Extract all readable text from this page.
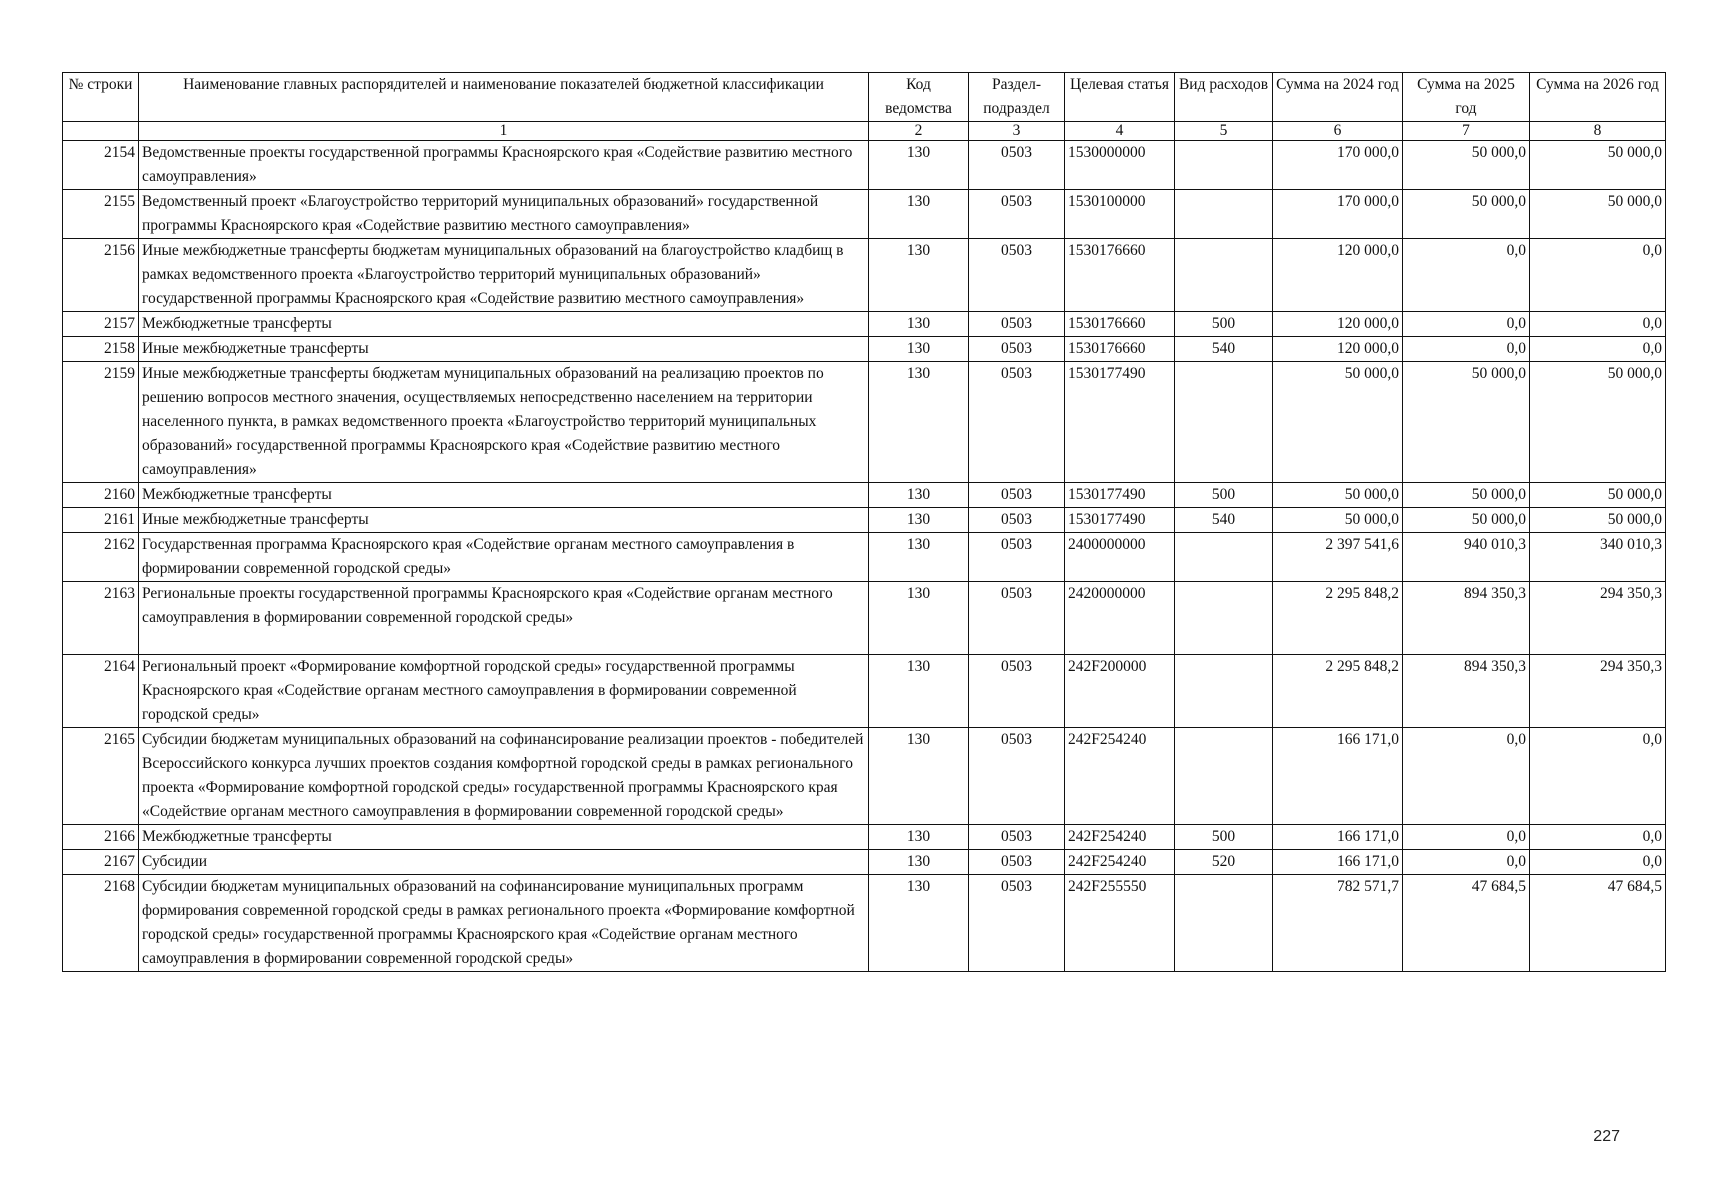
№ строки	Наименование главных распорядителей и наименование показателей бюджетной классификации	Код ведомства	Раздел-подраздел	Целевая статья	Вид расходов	Сумма на 2024 год	Сумма на 2025 год	Сумма на 2026 год
	1	2	3	4	5	6	7	8
2154	Ведомственные проекты государственной программы Красноярского края «Содействие развитию местного самоуправления»	130	0503	1530000000		170 000,0	50 000,0	50 000,0
2155	Ведомственный проект «Благоустройство территорий муниципальных образований» государственной программы Красноярского края «Содействие развитию местного самоуправления»	130	0503	1530100000		170 000,0	50 000,0	50 000,0
2156	Иные межбюджетные трансферты бюджетам муниципальных образований на благоустройство кладбищ в рамках ведомственного проекта «Благоустройство территорий муниципальных образований» государственной программы Красноярского края «Содействие развитию местного самоуправления»	130	0503	1530176660		120 000,0	0,0	0,0
2157	Межбюджетные трансферты	130	0503	1530176660	500	120 000,0	0,0	0,0
2158	Иные межбюджетные трансферты	130	0503	1530176660	540	120 000,0	0,0	0,0
2159	Иные межбюджетные трансферты бюджетам муниципальных образований на реализацию проектов по решению вопросов местного значения, осуществляемых непосредственно населением на территории населенного пункта, в рамках ведомственного проекта «Благоустройство территорий муниципальных образований» государственной программы Красноярского края «Содействие развитию местного самоуправления»	130	0503	1530177490		50 000,0	50 000,0	50 000,0
2160	Межбюджетные трансферты	130	0503	1530177490	500	50 000,0	50 000,0	50 000,0
2161	Иные межбюджетные трансферты	130	0503	1530177490	540	50 000,0	50 000,0	50 000,0
2162	Государственная программа Красноярского края «Содействие органам местного самоуправления в формировании современной городской среды»	130	0503	2400000000		2 397 541,6	940 010,3	340 010,3
2163	Региональные проекты государственной программы Красноярского края «Содействие органам местного самоуправления в формировании современной городской среды»	130	0503	2420000000		2 295 848,2	894 350,3	294 350,3
2164	Региональный проект «Формирование комфортной городской среды» государственной программы Красноярского края «Содействие органам местного самоуправления в формировании современной городской среды»	130	0503	242F200000		2 295 848,2	894 350,3	294 350,3
2165	Субсидии бюджетам муниципальных образований на софинансирование реализации проектов - победителей Всероссийского конкурса лучших проектов создания комфортной городской среды в рамках регионального проекта «Формирование комфортной городской среды» государственной программы Красноярского края «Содействие органам местного самоуправления в формировании современной городской среды»	130	0503	242F254240		166 171,0	0,0	0,0
2166	Межбюджетные трансферты	130	0503	242F254240	500	166 171,0	0,0	0,0
2167	Субсидии	130	0503	242F254240	520	166 171,0	0,0	0,0
2168	Субсидии бюджетам муниципальных образований на софинансирование муниципальных программ формирования современной городской среды в рамках регионального проекта «Формирование комфортной городской среды» государственной программы Красноярского края «Содействие органам местного самоуправления в формировании современной городской среды»	130	0503	242F255550		782 571,7	47 684,5	47 684,5
227
